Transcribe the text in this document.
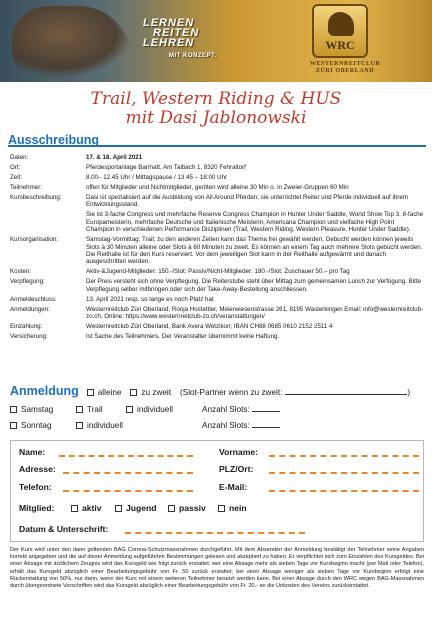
LERNEN
REITEN
LEHREN
MIT KONZEPT.
WRC
WESTERNREITCLUB
ZÜRI OBERLAND
Trail, Western Riding & HUS
mit Dasi Jablonowski
Ausschreibung
Daten:	17. & 18. April 2021
Ort:	Pferdesportanlage Barmatt, Am Talbach 1, 8320 Fehraltorf
Zeit:	8.00– 12.45 Uhr / Mittagspause / 13.45 – 18:00 Uhr
Teilnehmer:	offen für Mitglieder und Nichtmitglieder, geritten wird alleine 30 Min o. in Zweier-Gruppen 60 Min
Kursbeschreibung:	Dasi ist spezialisiert auf die Ausbildung von All Around Pferden; sie unterrichtet Reiter und Pferde individuell auf ihrem Entwicklungsstand.
Sie ist 3-fache Congress und mehrfache Reserve Congress Champion in Hunter Under Saddle, World Show Top 3, 8-fache Europameisterin, mehrfache Deutsche und Italienische Meisterin, Americana Champion und vielfache High Point Champion in verschiedenen Performance Disziplinen (Trail, Western Riding, Western Pleasure, Hunter Under Saddle).
Kursorganisation:	Samstag-Vormittag: Trail; zu den anderen Zeiten kann das Thema frei gewählt werden. Gebucht werden können jeweils Slots à 30 Minuten alleine oder Slots à 60 Minuten zu zweit. Es können an einem Tag auch mehrere Slots gebucht werden. Die Reithalle ist für den Kurs reserviert. Vor dem jeweiligen Slot kann in der Reithalle aufgewärmt und danach ausgeschritten werden.
Kosten:	Aktiv-&Jugend-Mitglieder: 150.-/Slot; Passiv/Nicht-Mitglieder: 180.-/Slot; Zuschauer 50.– pro Tag
Verpflegung:	Der Preis versteht sich ohne Verpflegung. Die Reiterstube steht über Mittag zum gemeinsamen Lunch zur Verfügung. Bitte Verpflegung selber mitbringen oder sich der Take-Away-Bestellung anschliessen.
Anmeldeschluss:	13. April 2021 resp. so lange es noch Platz hat
Anmeldungen:	Westernreitclub Züri Oberland, Ronja Hostettler, Meierwiesenstrasse 261, 8195 Wasterkingen Email: info@westernreitclub-zo.ch; Online: https://www.westernreitclub-zo.ch/veranstaltungen/
Einzahlung:	Westernreitclub Züri Oberland, Bank Avera Wetzikon; IBAN CH88 0685 0610 2152 2511 4
Versicherung:	Ist Sache des Teilnehmers. Der Veranstalter übernimmt keine Haftung.
Anmeldung	alleine	zu zweit (Slot-Partner wenn zu zweit:	)
Samstag	Trail	individuell	Anzahl Slots:
Sonntag	individuell	Anzahl Slots:
Name:	Vorname:
Adresse:	PLZ/Ort:
Telefon:	E-Mail:
Mitglied:	aktiv	Jugend	passiv	nein
Datum & Unterschrift:
Der Kurs wird unter den dann geltenden BAG Corona-Schutzmassnahmen durchgeführt. Mit dem Absenden der Anmeldung bestätigt der Teilnehmer seine Angaben korrekt angegeben und die auf dieser Anmeldung aufgeführten Bestimmungen gelesen und akzeptiert zu haben. Er verpflichtet sich zum Einzahlen des Kursgeldes. Bei einer Absage mit ärztlichem Zeugnis wird das Kursgeld wie folgt zurück erstattet: wer eine Absage mehr als sieben Tage vor Kursbeginn macht (per Mail oder Telefon), erhält das Kursgeld abzüglich einer Bearbeitungsgebühr von Fr. 50 zurück erstattet; bei einer Absage weniger als sieben Tage vor Kursbeginn erfolgt eine Rückerstattung von 50%, nur dann, wenn der Kurs mit einem weiteren Teilnehmer besetzt werden kann. Bei einer Absage durch den WRC wegen BAG-Massnahmen durch übergeordnete Vorschriften wird das Kursgeld abzüglich einer Bearbeitungsgebühr von Fr. 20.- an die Unkosten des Vereins zurückerstattet.
